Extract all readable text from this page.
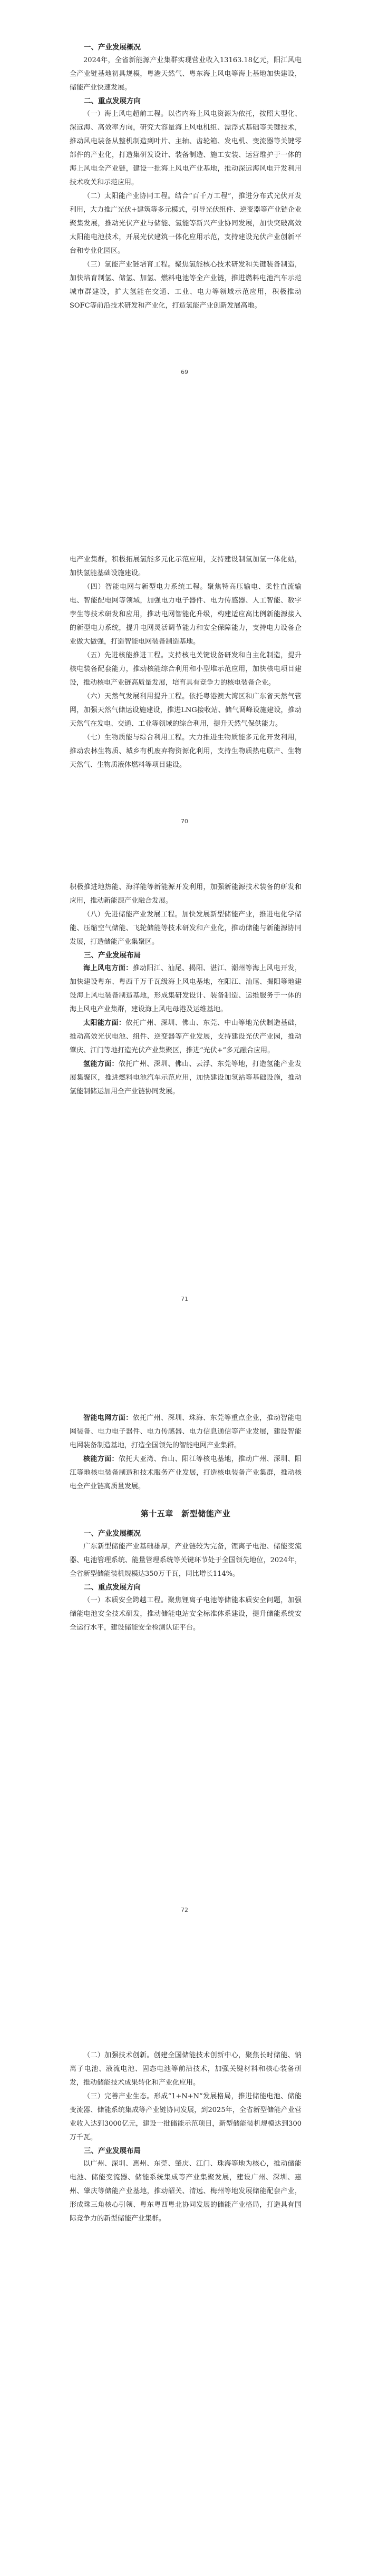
一、产业发展概况

2024年，全省新能源产业集群实现营业收入13163.18亿元，阳江风电全产业链基地初具规模，粤港天然气、粤东海上风电等海上基地加快建设，储能产业快速发展。

二、重点发展方向

（一）海上风电超前工程。以省内海上风电资源为依托，按照大型化、深远海、高效率方向，研究大容量海上风电机组、漂浮式基础等关键技术，推动风电装备从整机制造到叶片、主轴、齿轮箱、发电机、变流器等关键零部件的产业化，打造集研发设计、装备制造、施工安装、运营维护于一体的海上风电全产业链，建设一批海上风电产业基地，推动深远海风电开发利用技术攻关和示范应用。

（二）太阳能产业协同工程。结合“百千万工程”，推进分布式光伏开发利用，大力推广光伏+建筑等多元模式，引导光伏组件、逆变器等产业链企业聚集发展，推动光伏产业与储能、氢能等新兴产业协同发展，加快突破高效太阳能电池技术，开展光伏建筑一体化应用示范，支持建设光伏产业创新平台和专业化园区。

（三）氢能产业链培育工程。聚焦氢能核心技术研发和关键装备制造，加快培育制氢、储氢、加氢、燃料电池等全产业链，推进燃料电池汽车示范城市群建设，扩大氢能在交通、工业、电力等领域示范应用，积极推动SOFC等前沿技术研发和产业化，打造氢能产业创新发展高地。

69

电产业集群，积极拓展氢能多元化示范应用，支持建设制氢加氢一体化站，加快氢能基础设施建设。

（四）智能电网与新型电力系统工程。聚焦特高压输电、柔性直流输电、智能配电网等领域，加强电力电子器件、电力传感器、人工智能、数字孪生等技术研发和应用，推动电网智能化升级，构建适应高比例新能源接入的新型电力系统，提升电网灵活调节能力和安全保障能力，支持电力设备企业做大做强，打造智能电网装备制造基地。

（五）先进核能推进工程。支持核电关键设备研发和自主化制造，提升核电装备配套能力，推动核能综合利用和小型堆示范应用，加快核电项目建设，推动核电产业链高质量发展，培育具有竞争力的核电装备企业。

（六）天然气发展利用提升工程。依托粤港澳大湾区和广东省天然气管网，加强天然气储运设施建设，推进LNG接收站、储气调峰设施建设，推动天然气在发电、交通、工业等领域的综合利用，提升天然气保供能力。

（七）生物质能与综合利用工程。大力推进生物质能多元化开发利用，推动农林生物质、城乡有机废弃物资源化利用，支持生物质热电联产、生物天然气、生物质液体燃料等项目建设。

70

积极推进地热能、海洋能等新能源开发利用，加强新能源技术装备的研发和应用，推动新能源产业融合发展。

（八）先进储能产业发展工程。加快发展新型储能产业，推进电化学储能、压缩空气储能、飞轮储能等技术研发和产业化，推动储能与新能源协同发展，打造储能产业集聚区。

三、产业发展布局

海上风电方面：推动阳江、汕尾、揭阳、湛江、潮州等海上风电开发，加快建设粤东、粤西千万千瓦级海上风电基地，在阳江、汕尾、揭阳等地建设海上风电装备制造基地，形成集研发设计、装备制造、运维服务于一体的海上风电产业集群，建设海上风电母港及运维基地。

太阳能方面：依托广州、深圳、佛山、东莞、中山等地光伏制造基础，推动高效光伏电池、组件、逆变器等产业发展，支持建设光伏产业园，推动肇庆、江门等地打造光伏产业集聚区，推进“光伏+”多元融合应用。

氢能方面：依托广州、深圳、佛山、云浮、东莞等地，打造氢能产业发展集聚区，推进燃料电池汽车示范应用，加快建设加氢站等基础设施，推动氢能制储运加用全产业链协同发展。

71

智能电网方面：依托广州、深圳、珠海、东莞等重点企业，推动智能电网装备、电力电子器件、电力传感器、电力信息通信等产业发展，建设智能电网装备制造基地，打造全国领先的智能电网产业集群。

核能方面：依托大亚湾、台山、阳江等核电基地，推动广州、深圳、阳江等地核电装备制造和技术服务产业发展，打造核电装备产业集群，推动核电全产业链高质量发展。

第十五章　新型储能产业

一、产业发展概况

广东新型储能产业基础雄厚，产业链较为完备，锂离子电池、储能变流器、电池管理系统、能量管理系统等关键环节处于全国领先地位，2024年，全省新型储能装机规模达350万千瓦，同比增长114%。

二、重点发展方向

（一）本质安全跨越工程。聚焦锂离子电池等储能本质安全问题，加强储能电池安全技术研发，推动储能电站安全标准体系建设，提升储能系统安全运行水平，建设储能安全检测认证平台。

72

（二）加强技术创新。创建全国储能技术创新中心，聚焦长时储能、钠离子电池、液流电池、固态电池等前沿技术，加强关键材料和核心装备研发，推动储能技术成果转化和产业化应用。

（三）完善产业生态。形成“1+N+N”发展格局，推进储能电池、储能变流器、储能系统集成等产业链协同发展，到2025年，全省新型储能产业营业收入达到3000亿元，建设一批储能示范项目，新型储能装机规模达到300万千瓦。

三、产业发展布局

以广州、深圳、惠州、东莞、肇庆、江门、珠海等地为核心，推动储能电池、储能变流器、储能系统集成等产业集聚发展，建设广州、深圳、惠州、肇庆等储能产业基地，推动韶关、清远、梅州等地发展储能配套产业，形成珠三角核心引领、粤东粤西粤北协同发展的储能产业格局，打造具有国际竞争力的新型储能产业集群。
